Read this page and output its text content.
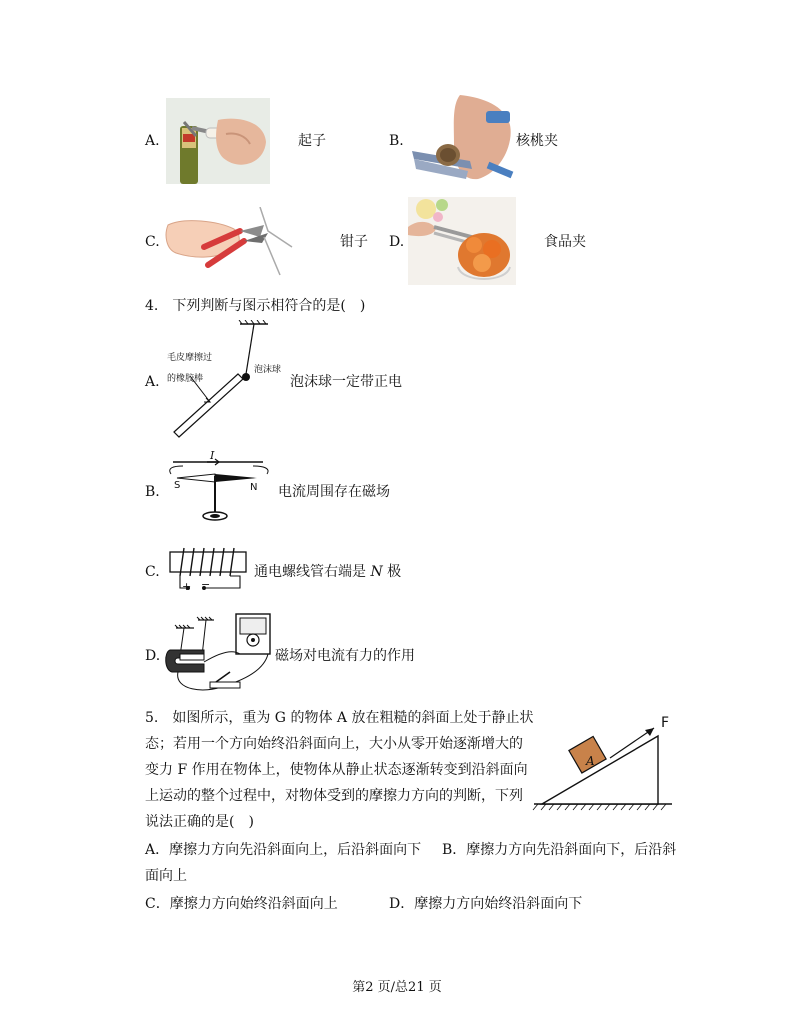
A.	起子	B.	核桃夹
C.	钳子 D.	食品夹
4.　下列判断与图示相符合的是(　)
A.
毛皮摩擦过
的橡胶棒
泡沫球
泡沫球一定带正电
B.
I
S	N 电流周围存在磁场
C.
+ −
通电螺线管右端是 N 极
D.	磁场对电流有力的作用
5.　如图所示，重为 G 的物体 A 放在粗糙的斜面上处于静止状
态；若用一个方向始终沿斜面向上，大小从零开始逐渐增大的
变力 F 作用在物体上，使物体从静止状态逐渐转变到沿斜面向
上运动的整个过程中，对物体受到的摩擦力方向的判断，下列
说法正确的是(　)
F
A
A．摩擦力方向先沿斜面向上，后沿斜面向下 B．摩擦力方向先沿斜面向下，后沿斜
面向上
C．摩擦力方向始终沿斜面向上	D．摩擦力方向始终沿斜面向下
第2 页/总21 页
